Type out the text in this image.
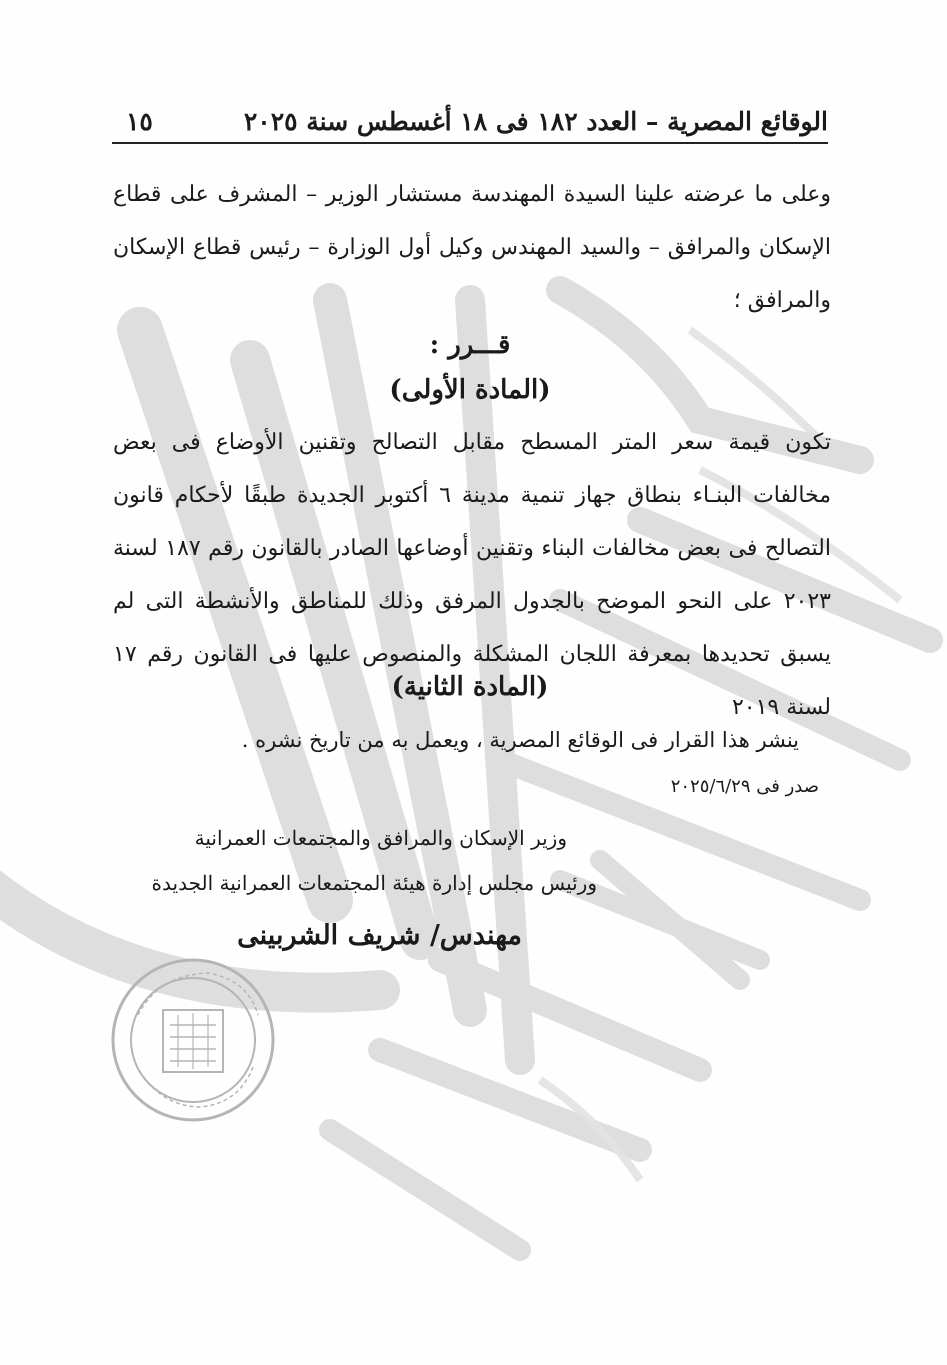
الوقائع المصرية – العدد ١٨٢ فى ١٨ أغسطس سنة ٢٠٢٥
١٥
وعلى ما عرضته علينا السيدة المهندسة مستشار الوزير – المشرف على قطاع الإسكان والمرافق – والسيد المهندس وكيل أول الوزارة – رئيس قطاع الإسكان والمرافق ؛
قـــرر :
(المادة الأولى)
تكون قيمة سعر المتر المسطح مقابل التصالح وتقنين الأوضاع فى بعض مخالفات البنـاء بنطاق جهاز تنمية مدينة ٦ أكتوبر الجديدة طبقًا لأحكام قانون التصالح فى بعض مخالفات البناء وتقنين أوضاعها الصادر بالقانون رقم ١٨٧ لسنة ٢٠٢٣ على النحو الموضح بالجدول المرفق وذلك للمناطق والأنشطة التى لم يسبق تحديدها بمعرفة اللجان المشكلة والمنصوص عليها فى القانون رقم ١٧ لسنة ٢٠١٩
(المادة الثانية)
ينشر هذا القرار فى الوقائع المصرية ، ويعمل به من تاريخ نشره .
صدر فى ٢٠٢٥/٦/٢٩
وزير الإسكان والمرافق والمجتمعات العمرانية
ورئيس مجلس إدارة هيئة المجتمعات العمرانية الجديدة
مهندس/ شريف الشربينى
